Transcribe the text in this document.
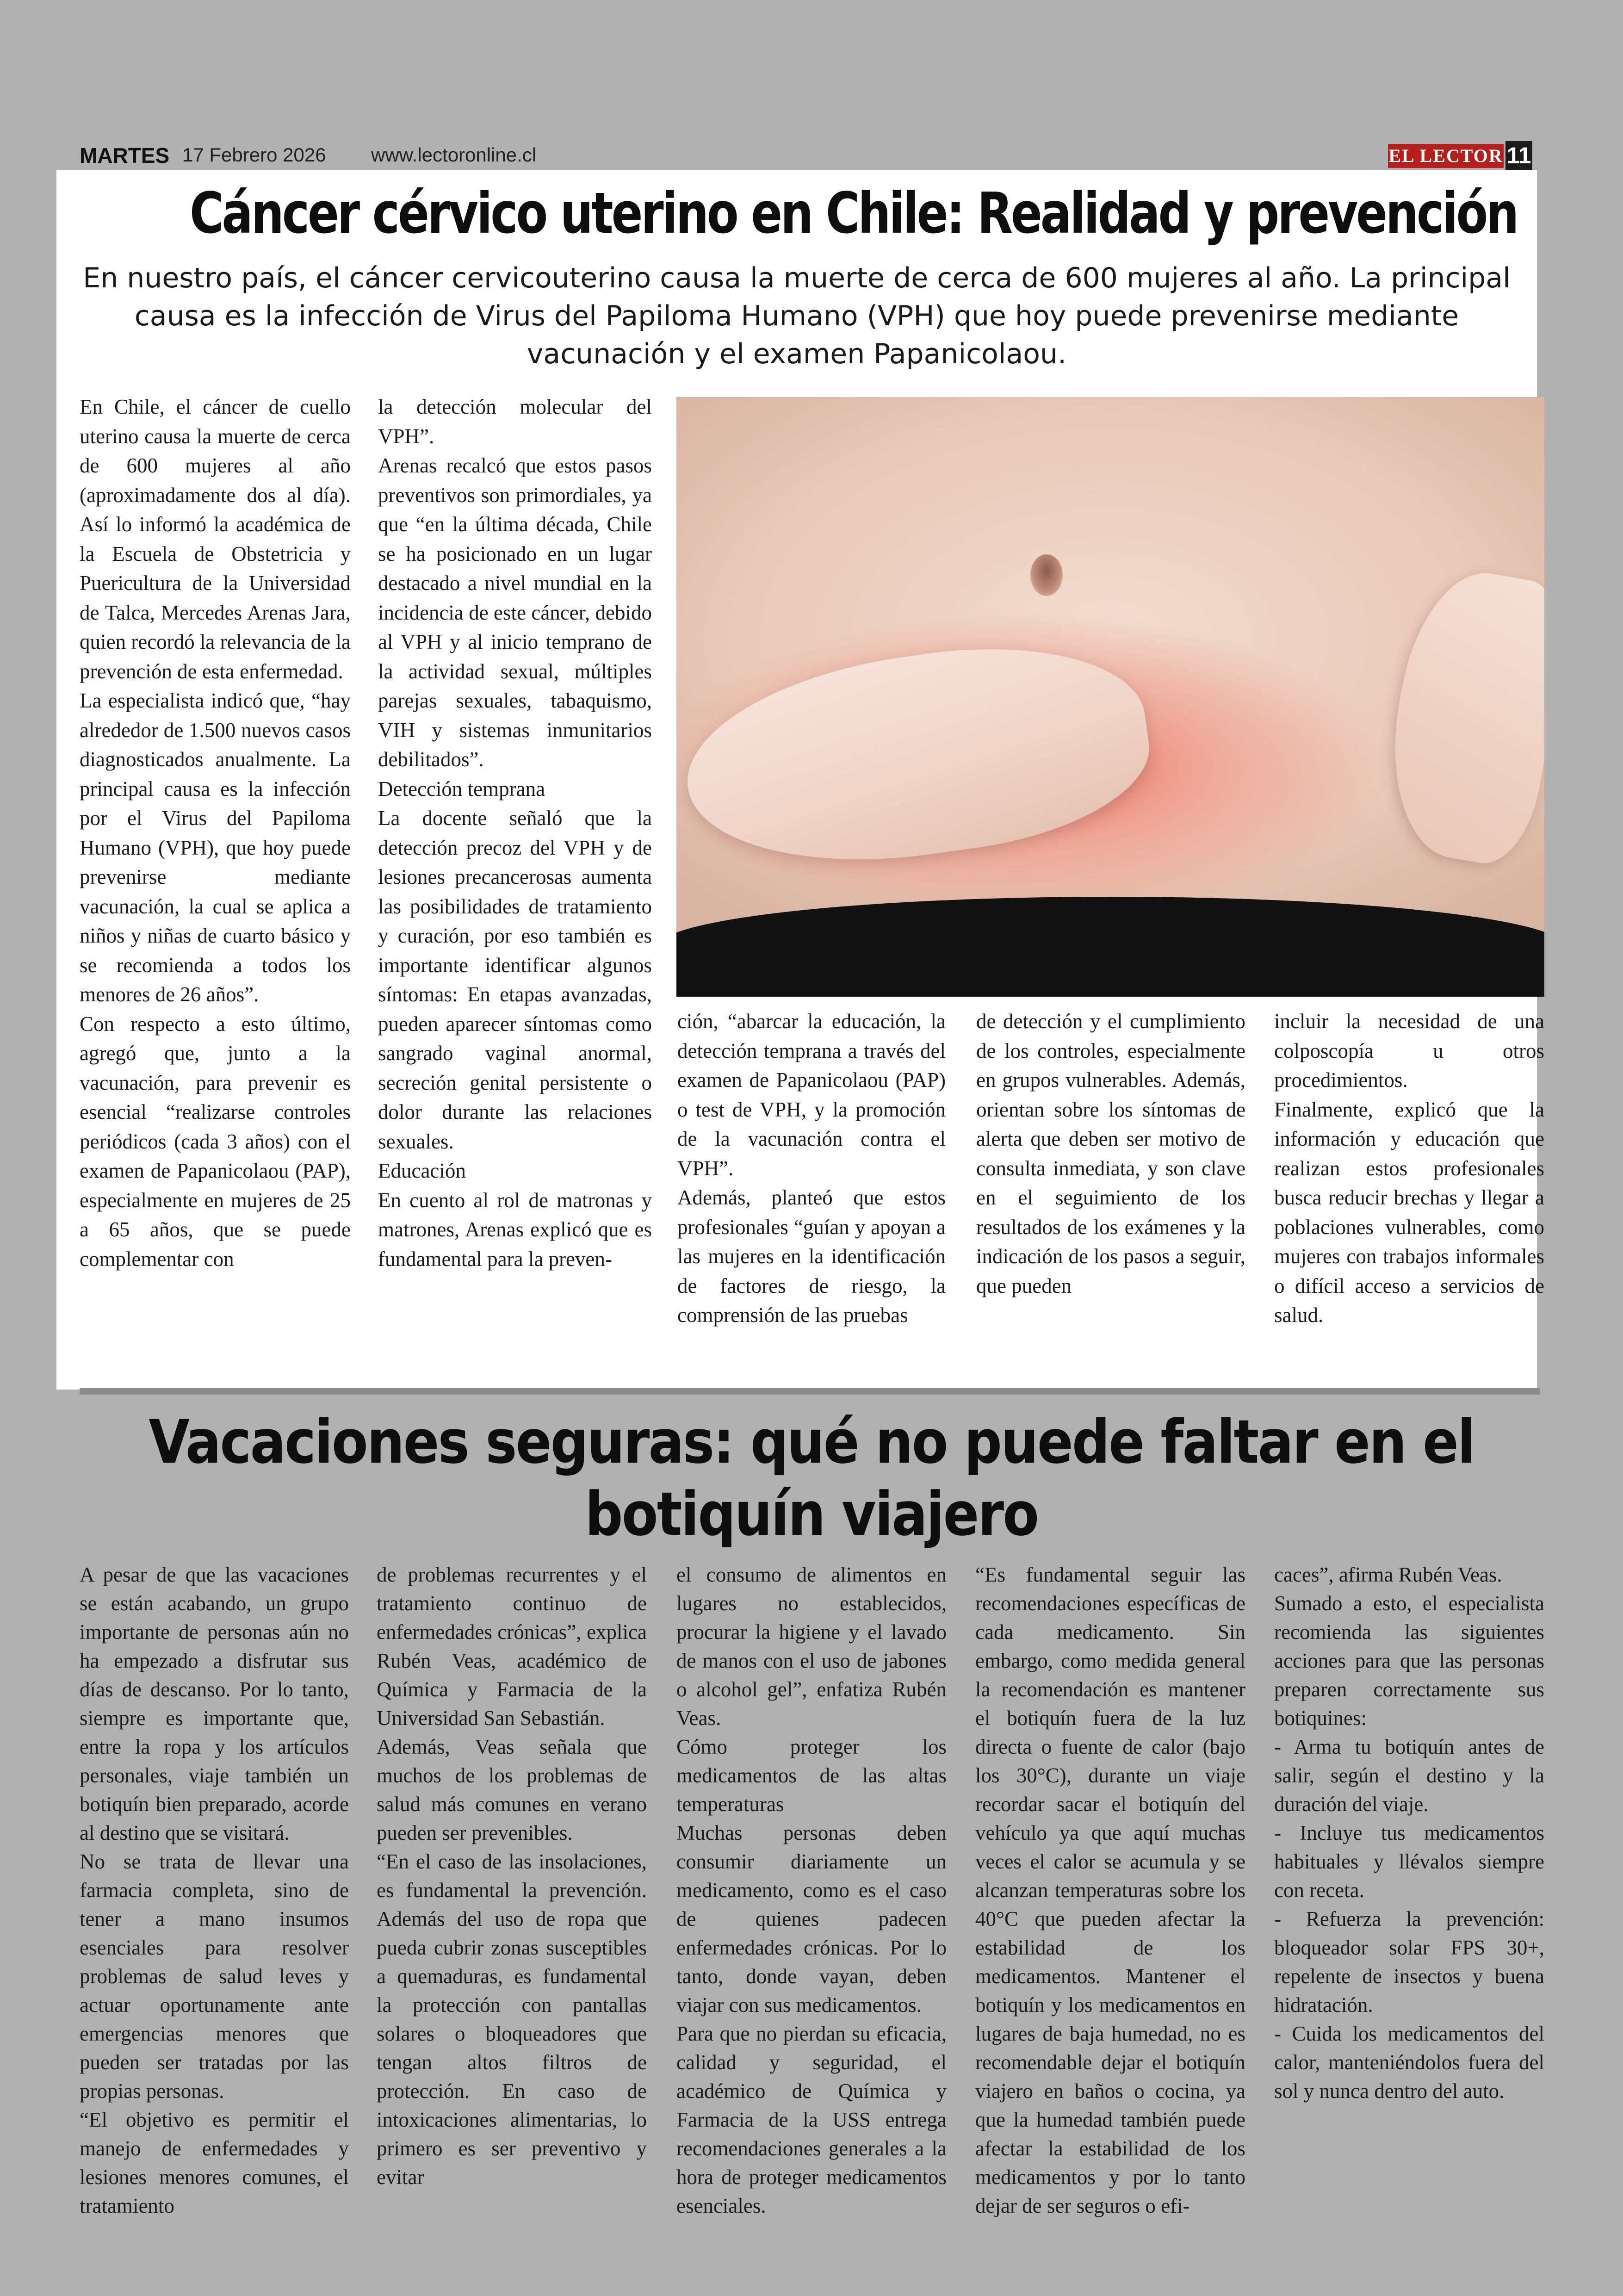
MARTES 17 Febrero 2026 www.lectoronline.cl	EL LECTOR 11
Cáncer cérvico uterino en Chile: Realidad y prevención
En nuestro país, el cáncer cervicouterino causa la muerte de cerca de 600 mujeres al año. La principal causa es la infección de Virus del Papiloma Humano (VPH) que hoy puede prevenirse mediante vacunación y el examen Papanicolaou.

En Chile, el cáncer de cuello uterino causa la muerte de cerca de 600 mujeres al año (aproximadamente dos al día). Así lo informó la académica de la Escuela de Obstetricia y Puericultura de la Universidad de Talca, Mercedes Arenas Jara, quien recordó la relevancia de la prevención de esta enfermedad.

La especialista indicó que, “hay alrededor de 1.500 nuevos casos diagnosticados anualmente. La principal causa es la infección por el Virus del Papiloma Humano (VPH), que hoy puede prevenirse mediante vacunación, la cual se aplica a niños y niñas de cuarto básico y se recomienda a todos los menores de 26 años”.

Con respecto a esto último, agregó que, junto a la vacunación, para prevenir es esencial “realizarse controles periódicos (cada 3 años) con el examen de Papanicolaou (PAP), especialmente en mujeres de 25 a 65 años, que se puede complementar con

la detección molecular del VPH”.

Arenas recalcó que estos pasos preventivos son primordiales, ya que “en la última década, Chile se ha posicionado en un lugar destacado a nivel mundial en la incidencia de este cáncer, debido al VPH y al inicio temprano de la actividad sexual, múltiples parejas sexuales, tabaquismo, VIH y sistemas inmunitarios debilitados”.

Detección temprana

La docente señaló que la detección precoz del VPH y de lesiones precancerosas aumenta las posibilidades de tratamiento y curación, por eso también es importante identificar algunos síntomas: En etapas avanzadas, pueden aparecer síntomas como sangrado vaginal anormal, secreción genital persistente o dolor durante las relaciones sexuales.

Educación

En cuento al rol de matronas y matrones, Arenas explicó que es fundamental para la preven-

ción, “abarcar la educación, la detección temprana a través del examen de Papanicolaou (PAP) o test de VPH, y la promoción de la vacunación contra el VPH”.

Además, planteó que estos profesionales “guían y apoyan a las mujeres en la identificación de factores de riesgo, la comprensión de las pruebas

de detección y el cumplimiento de los controles, especialmente en grupos vulnerables. Además, orientan sobre los síntomas de alerta que deben ser motivo de consulta inmediata, y son clave en el seguimiento de los resultados de los exámenes y la indicación de los pasos a seguir, que pueden

incluir la necesidad de una colposcopía u otros procedimientos.

Finalmente, explicó que la información y educación que realizan estos profesionales busca reducir brechas y llegar a poblaciones vulnerables, como mujeres con trabajos informales o difícil acceso a servicios de salud.

Vacaciones seguras: qué no puede faltar en el botiquín viajero

A pesar de que las vacaciones se están acabando, un grupo importante de personas aún no ha empezado a disfrutar sus días de descanso. Por lo tanto, siempre es importante que, entre la ropa y los artículos personales, viaje también un botiquín bien preparado, acorde al destino que se visitará.

No se trata de llevar una farmacia completa, sino de tener a mano insumos esenciales para resolver problemas de salud leves y actuar oportunamente ante emergencias menores que pueden ser tratadas por las propias personas.

“El objetivo es permitir el manejo de enfermedades y lesiones menores comunes, el tratamiento

de problemas recurrentes y el tratamiento continuo de enfermedades crónicas”, explica Rubén Veas, académico de Química y Farmacia de la Universidad San Sebastián.

Además, Veas señala que muchos de los problemas de salud más comunes en verano pueden ser prevenibles.

“En el caso de las insolaciones, es fundamental la prevención. Además del uso de ropa que pueda cubrir zonas susceptibles a quemaduras, es fundamental la protección con pantallas solares o bloqueadores que tengan altos filtros de protección. En caso de intoxicaciones alimentarias, lo primero es ser preventivo y evitar

el consumo de alimentos en lugares no establecidos, procurar la higiene y el lavado de manos con el uso de jabones o alcohol gel”, enfatiza Rubén Veas.

Cómo proteger los medicamentos de las altas temperaturas

Muchas personas deben consumir diariamente un medicamento, como es el caso de quienes padecen enfermedades crónicas. Por lo tanto, donde vayan, deben viajar con sus medicamentos.

Para que no pierdan su eficacia, calidad y seguridad, el académico de Química y Farmacia de la USS entrega recomendaciones generales a la hora de proteger medicamentos esenciales.

“Es fundamental seguir las recomendaciones específicas de cada medicamento. Sin embargo, como medida general la recomendación es mantener el botiquín fuera de la luz directa o fuente de calor (bajo los 30°C), durante un viaje recordar sacar el botiquín del vehículo ya que aquí muchas veces el calor se acumula y se alcanzan temperaturas sobre los 40°C que pueden afectar la estabilidad de los medicamentos. Mantener el botiquín y los medicamentos en lugares de baja humedad, no es recomendable dejar el botiquín viajero en baños o cocina, ya que la humedad también puede afectar la estabilidad de los medicamentos y por lo tanto dejar de ser seguros o efi-

caces”, afirma Rubén Veas.

Sumado a esto, el especialista recomienda las siguientes acciones para que las personas preparen correctamente sus botiquines:

- Arma tu botiquín antes de salir, según el destino y la duración del viaje.

- Incluye tus medicamentos habituales y llévalos siempre con receta.

- Refuerza la prevención: bloqueador solar FPS 30+, repelente de insectos y buena hidratación.

- Cuida los medicamentos del calor, manteniéndolos fuera del sol y nunca dentro del auto.
